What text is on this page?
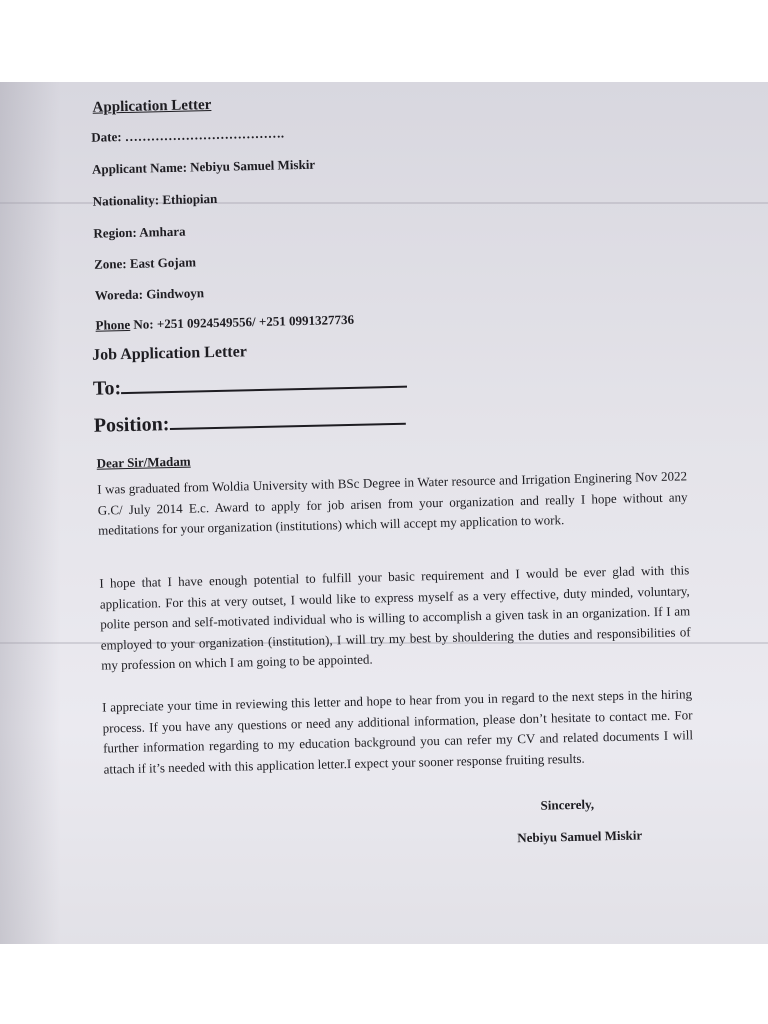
Application Letter
Date: ……………………………….
Applicant Name: Nebiyu Samuel Miskir
Nationality: Ethiopian
Region: Amhara
Zone: East Gojam
Woreda: Gindwoyn
Phone No: +251 0924549556/ +251 0991327736
Job Application Letter
To:
Position:
Dear Sir/Madam
I was graduated from Woldia University with BSc Degree in Water resource and Irrigation Enginering Nov 2022 G.C/ July 2014 E.c. Award to apply for job arisen from your organization and really I hope without any meditations for your organization (institutions) which will accept my application to work.
I hope that I have enough potential to fulfill your basic requirement and I would be ever glad with this application. For this at very outset, I would like to express myself as a very effective, duty minded, voluntary, polite person and self-motivated individual who is willing to accomplish a given task in an organization. If I am employed to your organization (institution), I will try my best by shouldering the duties and responsibilities of my profession on which I am going to be appointed.
I appreciate your time in reviewing this letter and hope to hear from you in regard to the next steps in the hiring process. If you have any questions or need any additional information, please don’t hesitate to contact me. For further information regarding to my education background you can refer my CV and related documents I will attach if it’s needed with this application letter.I expect your sooner response fruiting results.
Sincerely,
Nebiyu Samuel Miskir
